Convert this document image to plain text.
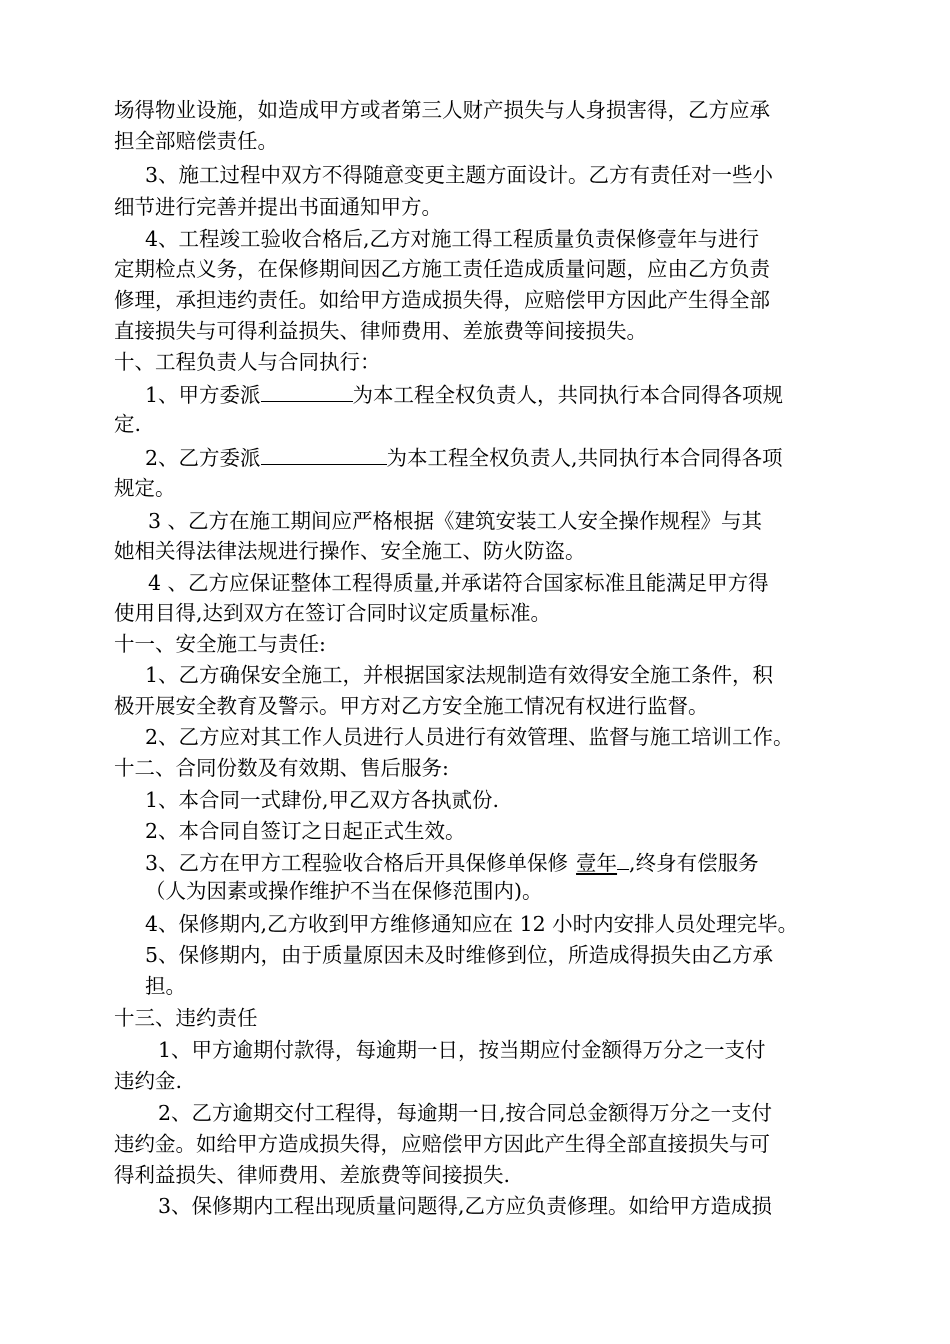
场得物业设施，如造成甲方或者第三人财产损失与人身损害得，乙方应承
担全部赔偿责任。
3、施工过程中双方不得随意变更主题方面设计。乙方有责任对一些小
细节进行完善并提出书面通知甲方。
4、工程竣工验收合格后,乙方对施工得工程质量负责保修壹年与进行
定期检点义务，在保修期间因乙方施工责任造成质量问题，应由乙方负责
修理，承担违约责任。如给甲方造成损失得，应赔偿甲方因此产生得全部
直接损失与可得利益损失、律师费用、差旅费等间接损失。
十、工程负责人与合同执行：
1、甲方委派	为本工程全权负责人，共同执行本合同得各项规
定.
2、乙方委派	为本工程全权负责人,共同执行本合同得各项
规定。
3 、乙方在施工期间应严格根据《建筑安装工人安全操作规程》与其
她相关得法律法规进行操作、安全施工、防火防盗。
4 、乙方应保证整体工程得质量,并承诺符合国家标准且能满足甲方得
使用目得,达到双方在签订合同时议定质量标准。
十一、安全施工与责任:
1、乙方确保安全施工，并根据国家法规制造有效得安全施工条件，积
极开展安全教育及警示。甲方对乙方安全施工情况有权进行监督。
2、乙方应对其工作人员进行人员进行有效管理、监督与施工培训工作。
十二、合同份数及有效期、售后服务:
1、本合同一式肆份,甲乙双方各执贰份.
2、本合同自签订之日起正式生效。
3、乙方在甲方工程验收合格后开具保修单保修 壹年 ,终身有偿服务
（人为因素或操作维护不当在保修范围内)。
4、保修期内,乙方收到甲方维修通知应在 12 小时内安排人员处理完毕。
5、保修期内，由于质量原因未及时维修到位，所造成得损失由乙方承
担。
十三、违约责任
1、甲方逾期付款得，每逾期一日，按当期应付金额得万分之一支付
违约金.
2、乙方逾期交付工程得，每逾期一日,按合同总金额得万分之一支付
违约金。如给甲方造成损失得，应赔偿甲方因此产生得全部直接损失与可
得利益损失、律师费用、差旅费等间接损失.
3、保修期内工程出现质量问题得,乙方应负责修理。如给甲方造成损
